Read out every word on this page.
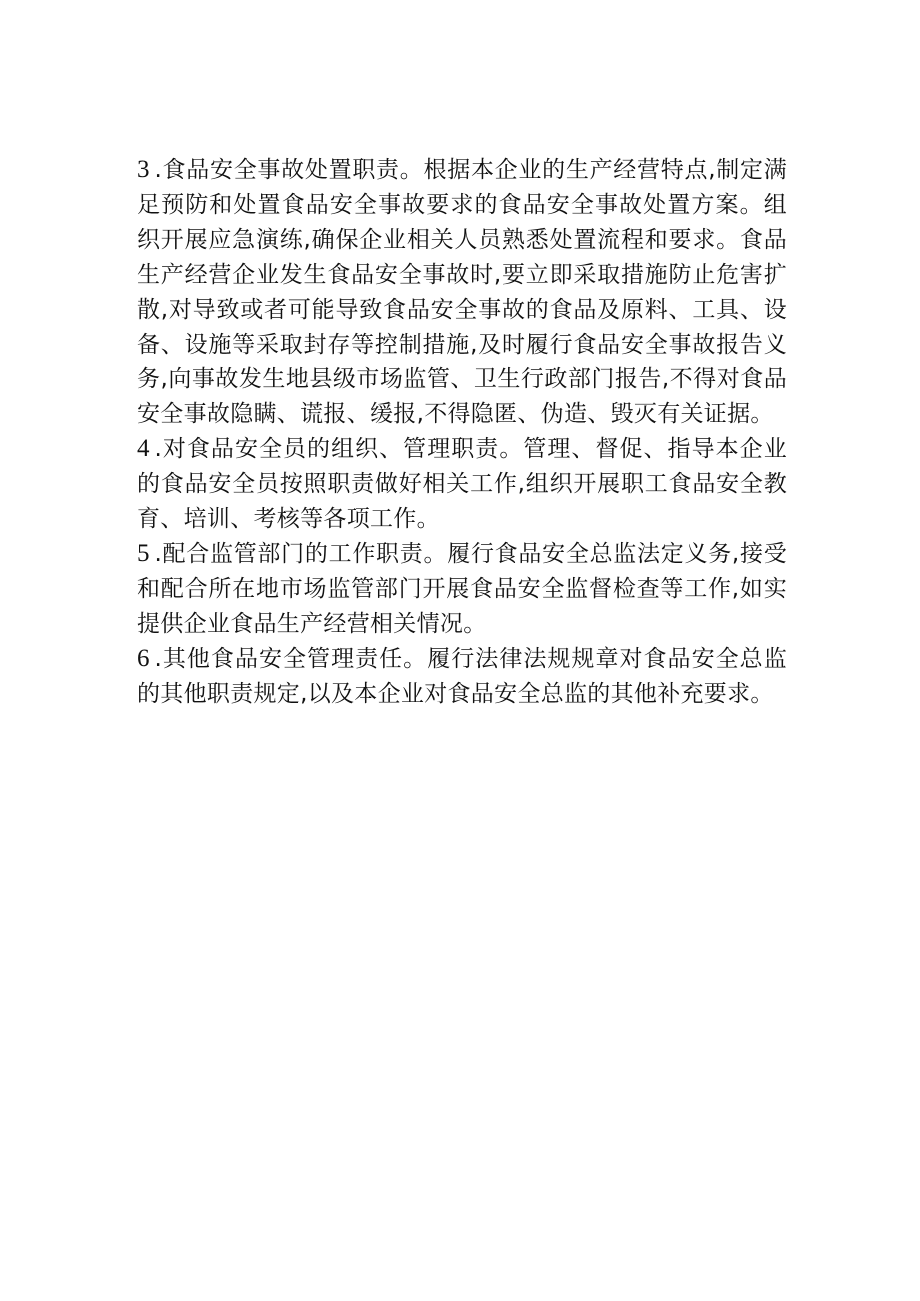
3 .食品安全事故处置职责。根据本企业的生产经营特点,制定满足预防和处置食品安全事故要求的食品安全事故处置方案。组织开展应急演练,确保企业相关人员熟悉处置流程和要求。食品生产经营企业发生食品安全事故时,要立即采取措施防止危害扩散,对导致或者可能导致食品安全事故的食品及原料、工具、设备、设施等采取封存等控制措施,及时履行食品安全事故报告义务,向事故发生地县级市场监管、卫生行政部门报告,不得对食品安全事故隐瞒、谎报、缓报,不得隐匿、伪造、毁灭有关证据。

4 .对食品安全员的组织、管理职责。管理、督促、指导本企业的食品安全员按照职责做好相关工作,组织开展职工食品安全教育、培训、考核等各项工作。

5 .配合监管部门的工作职责。履行食品安全总监法定义务,接受和配合所在地市场监管部门开展食品安全监督检查等工作,如实提供企业食品生产经营相关情况。

6 .其他食品安全管理责任。履行法律法规规章对食品安全总监的其他职责规定,以及本企业对食品安全总监的其他补充要求。
